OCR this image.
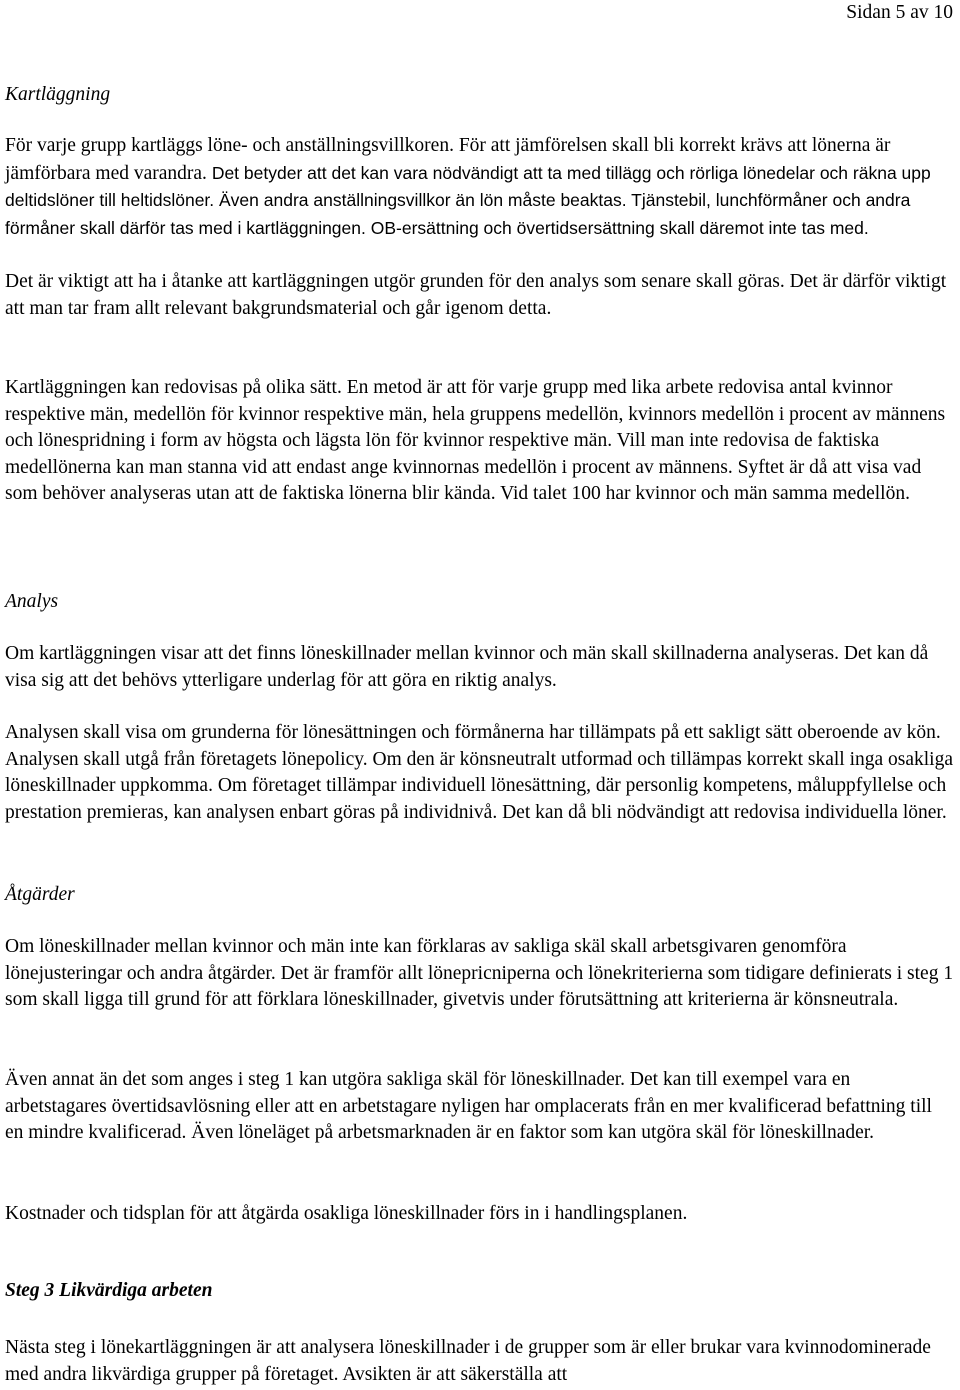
Sidan 5 av 10
Kartläggning
För varje grupp kartläggs löne- och anställningsvillkoren. För att jämförelsen skall bli korrekt krävs att lönerna är jämförbara med varandra. Det betyder att det kan vara nödvändigt att ta med tillägg och rörliga lönedelar och räkna upp deltidslöner till heltidslöner. Även andra anställningsvillkor än lön måste beaktas. Tjänstebil, lunchförmåner och andra förmåner skall därför tas med i kartläggningen. OB-ersättning och övertidsersättning skall däremot inte tas med.
Det är viktigt att ha i åtanke att kartläggningen utgör grunden för den analys som senare skall göras. Det är därför viktigt att man tar fram allt relevant bakgrundsmaterial och går igenom detta.
Kartläggningen kan redovisas på olika sätt. En metod är att för varje grupp med lika arbete redovisa antal kvinnor respektive män, medellön för kvinnor respektive män, hela gruppens medellön, kvinnors medellön i procent av männens och lönespridning i form av högsta och lägsta lön för kvinnor respektive män. Vill man inte redovisa de faktiska medellönerna kan man stanna vid att endast ange kvinnornas medellön i procent av männens. Syftet är då att visa vad som behöver analyseras utan att de faktiska lönerna blir kända. Vid talet 100 har kvinnor och män samma medellön.
Analys
Om kartläggningen visar att det finns löneskillnader mellan kvinnor och män skall skillnaderna analyseras. Det kan då visa sig att det behövs ytterligare underlag för att göra en riktig analys.
Analysen skall visa om grunderna för lönesättningen och förmånerna har tillämpats på ett sakligt sätt oberoende av kön. Analysen skall utgå från företagets lönepolicy. Om den är könsneutralt utformad och tillämpas korrekt skall inga osakliga löneskillnader uppkomma. Om företaget tillämpar individuell lönesättning, där personlig kompetens, måluppfyllelse och prestation premieras, kan analysen enbart göras på individnivå. Det kan då bli nödvändigt att redovisa individuella löner.
Åtgärder
Om löneskillnader mellan kvinnor och män inte kan förklaras av sakliga skäl skall arbetsgivaren genomföra lönejusteringar och andra åtgärder. Det är framför allt lönepricniperna och lönekriterierna som tidigare definierats i steg 1 som skall ligga till grund för att förklara löneskillnader, givetvis under förutsättning att kriterierna är könsneutrala.
Även annat än det som anges i steg 1 kan utgöra sakliga skäl för löneskillnader. Det kan till exempel vara en arbetstagares övertidsavlösning eller att en arbetstagare nyligen har omplacerats från en mer kvalificerad befattning till en mindre kvalificerad. Även löneläget på arbetsmarknaden är en faktor som kan utgöra skäl för löneskillnader.
Kostnader och tidsplan för att åtgärda osakliga löneskillnader förs in i handlingsplanen.
Steg 3 Likvärdiga arbeten
Nästa steg i lönekartläggningen är att analysera löneskillnader i de grupper som är eller brukar vara kvinnodominerade med andra likvärdiga grupper på företaget. Avsikten är att säkerställa att
